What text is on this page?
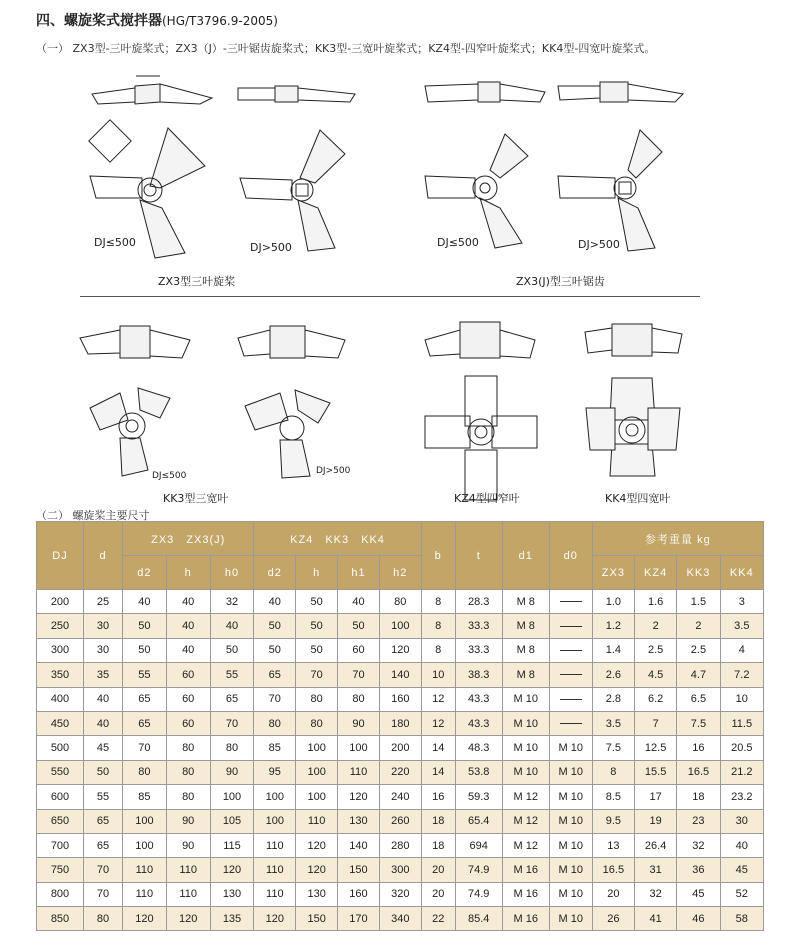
四、螺旋桨式搅拌器(HG/T3796.9-2005)
（一） ZX3型-三叶旋桨式；ZX3（J）-三叶锯齿旋桨式；KK3型-三宽叶旋桨式；KZ4型-四窄叶旋桨式；KK4型-四宽叶旋桨式。
DJ≤500	DJ>500	DJ≤500	DJ>500
ZX3型三叶旋桨	ZX3(J)型三叶锯齿
DJ≤500	DJ>500
KK3型三宽叶	KZ4型四窄叶	KK4型四宽叶
（二） 螺旋桨主要尺寸
DJ	d	ZX3　ZX3(J)			KZ4　KK3　KK4				b	t	d1	d0	参考重量 kg			
		d2	h	h0	d2	h	h1	h2					ZX3	KZ4	KK3	KK4
200	25	40	40	32	40	50	40	80	8	28.3	M 8		1.0	1.6	1.5	3
250	30	50	40	40	50	50	50	100	8	33.3	M 8		1.2	2	2	3.5
300	30	50	40	50	50	50	60	120	8	33.3	M 8		1.4	2.5	2.5	4
350	35	55	60	55	65	70	70	140	10	38.3	M 8		2.6	4.5	4.7	7.2
400	40	65	60	65	70	80	80	160	12	43.3	M 10		2.8	6.2	6.5	10
450	40	65	60	70	80	80	90	180	12	43.3	M 10		3.5	7	7.5	11.5
500	45	70	80	80	85	100	100	200	14	48.3	M 10	M 10	7.5	12.5	16	20.5
550	50	80	80	90	95	100	110	220	14	53.8	M 10	M 10	8	15.5	16.5	21.2
600	55	85	80	100	100	100	120	240	16	59.3	M 12	M 10	8.5	17	18	23.2
650	65	100	90	105	100	110	130	260	18	65.4	M 12	M 10	9.5	19	23	30
700	65	100	90	115	110	120	140	280	18	694	M 12	M 10	13	26.4	32	40
750	70	110	110	120	110	120	150	300	20	74.9	M 16	M 10	16.5	31	36	45
800	70	110	110	130	110	130	160	320	20	74.9	M 16	M 10	20	32	45	52
850	80	120	120	135	120	150	170	340	22	85.4	M 16	M 10	26	41	46	58
